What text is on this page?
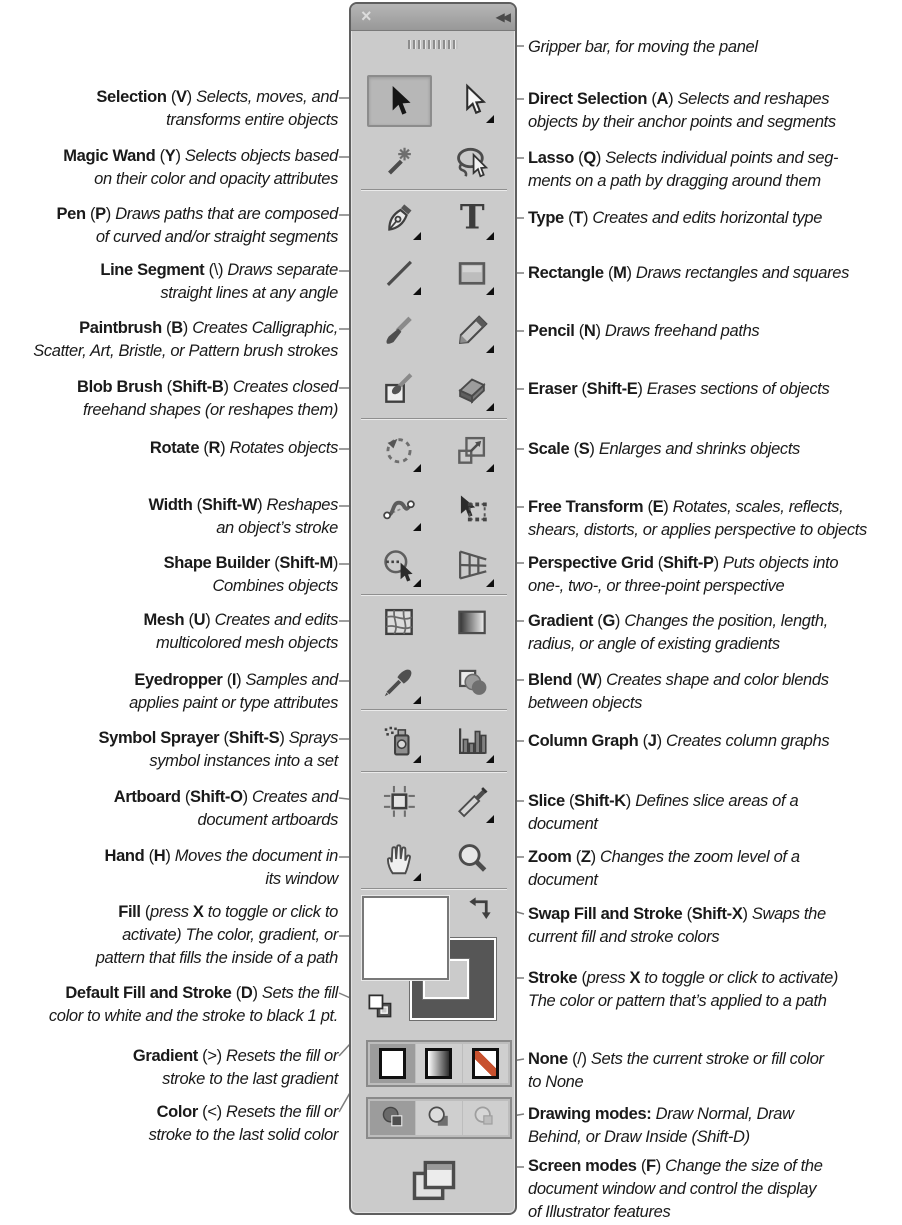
Selection (V) Selects, moves, and
transforms entire objects
Magic Wand (Y) Selects objects based
on their color and opacity attributes
Pen (P) Draws paths that are composed
of curved and/or straight segments
Line Segment (\) Draws separate
straight lines at any angle
Paintbrush (B) Creates Calligraphic,
Scatter, Art, Bristle, or Pattern brush strokes
Blob Brush (Shift-B) Creates closed
freehand shapes (or reshapes them)
Rotate (R) Rotates objects
Width (Shift-W) Reshapes
an object’s stroke
Shape Builder (Shift-M)
Combines objects
Mesh (U) Creates and edits
multicolored mesh objects
Eyedropper (I) Samples and
applies paint or type attributes
Symbol Sprayer (Shift-S) Sprays
symbol instances into a set
Artboard (Shift-O) Creates and
document artboards
Hand (H) Moves the document in
its window
Fill (press X to toggle or click to
activate) The color, gradient, or
pattern that fills the inside of a path
Default Fill and Stroke (D) Sets the fill
color to white and the stroke to black 1 pt.
Gradient (>) Resets the fill or
stroke to the last gradient
Color (<) Resets the fill or
stroke to the last solid color
Gripper bar, for moving the panel
Direct Selection (A) Selects and reshapes
objects by their anchor points and segments
Lasso (Q) Selects individual points and seg-
ments on a path by dragging around them
Type (T) Creates and edits horizontal type
Rectangle (M) Draws rectangles and squares
Pencil (N) Draws freehand paths
Eraser (Shift-E) Erases sections of objects
Scale (S) Enlarges and shrinks objects
Free Transform (E) Rotates, scales, reflects,
shears, distorts, or applies perspective to objects
Perspective Grid (Shift-P) Puts objects into
one-, two-, or three-point perspective
Gradient (G) Changes the position, length,
radius, or angle of existing gradients
Blend (W) Creates shape and color blends
between objects
Column Graph (J) Creates column graphs
Slice (Shift-K) Defines slice areas of a
document
Zoom (Z) Changes the zoom level of a
document
Swap Fill and Stroke (Shift-X) Swaps the
current fill and stroke colors
Stroke (press X to toggle or click to activate)
The color or pattern that’s applied to a path
None (/) Sets the current stroke or fill color
to None
Drawing modes: Draw Normal, Draw
Behind, or Draw Inside (Shift-D)
Screen modes (F) Change the size of the
document window and control the display
of Illustrator features
×	◀◀
T
